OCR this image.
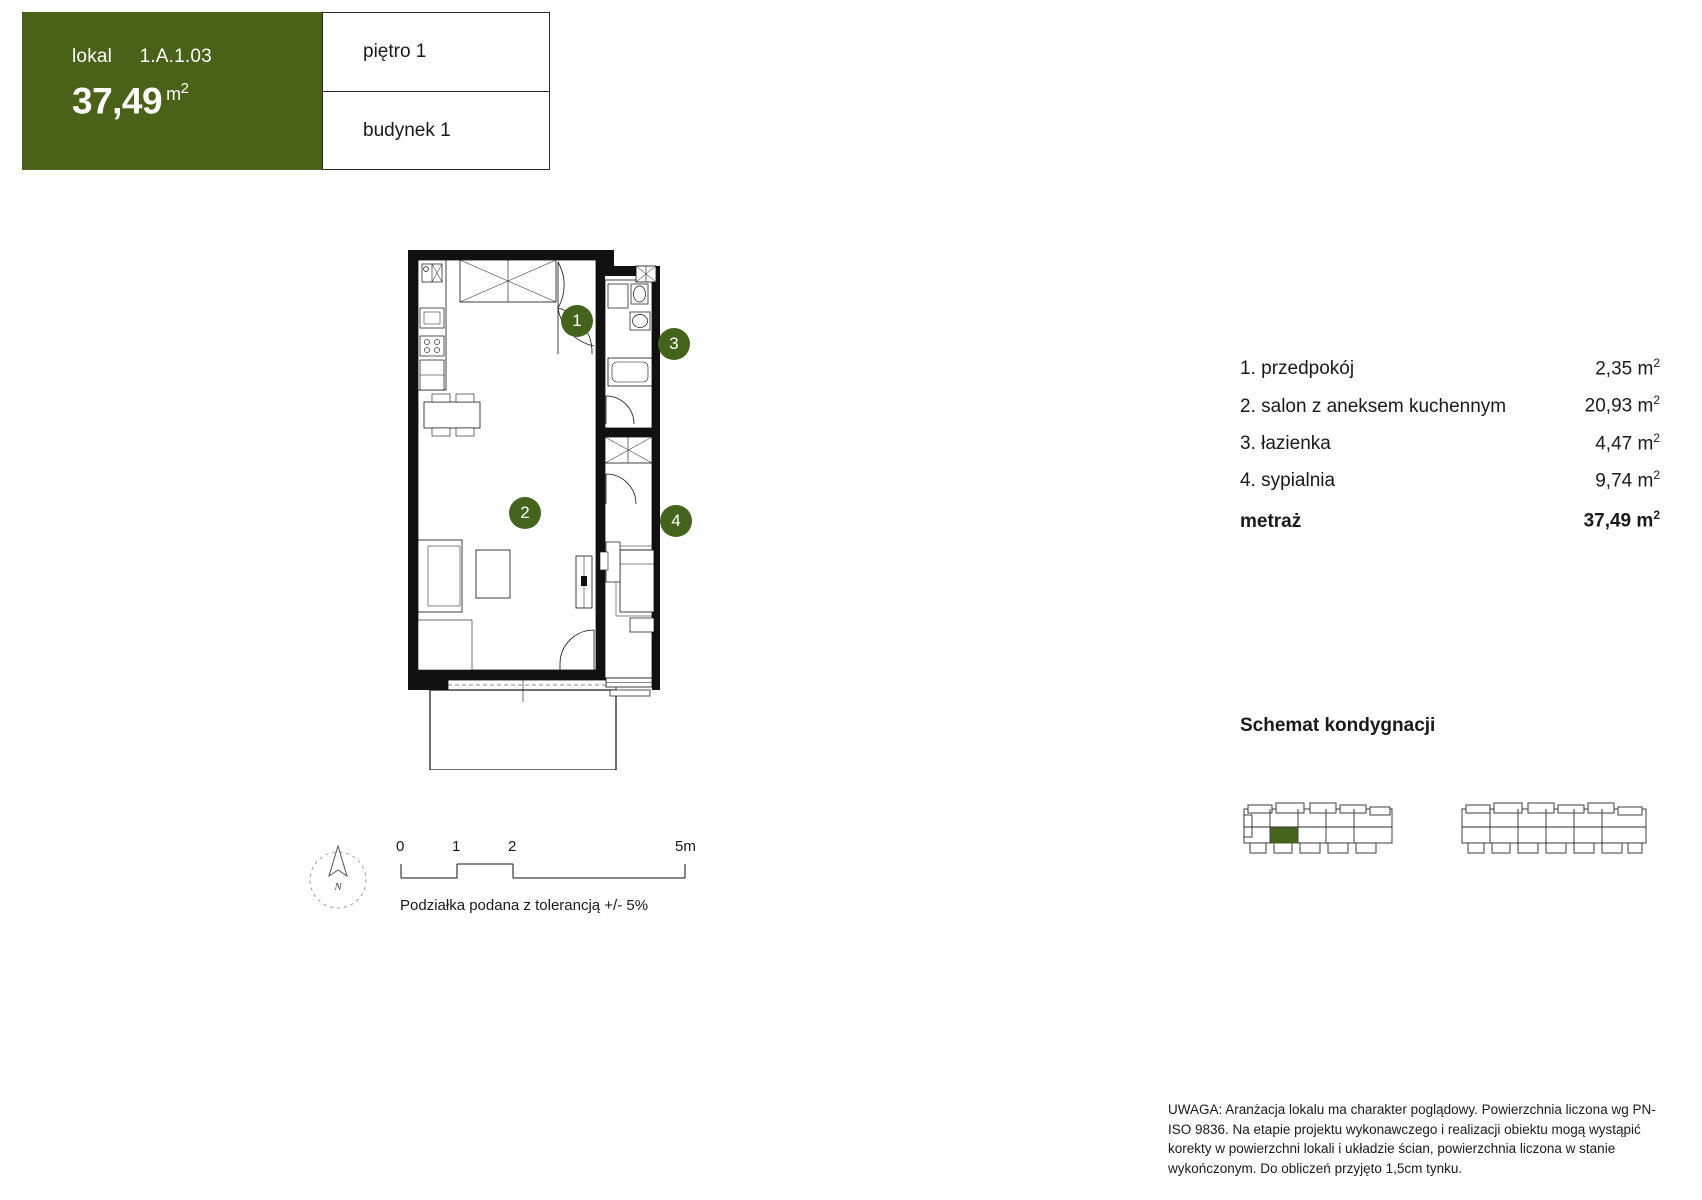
lokal 1.A.1.03
37,49 $^{m^2}$
piętro 1
budynek 1
1
2
3
4
N
0	1	2	5m
Podziałka podana z tolerancją +/- 5%
1. przedpokój	2,35 $m^2$
2. salon z aneksem kuchennym	20,93 $m^2$
3. łazienka	4,47 $m^2$
4. sypialnia	9,74 $m^2$
metraż	37,49 $m^2$
Schemat kondygnacji
UWAGA: Aranżacja lokalu ma charakter poglądowy. Powierzchnia liczona wg PN-ISO 9836. Na etapie projektu wykonawczego i realizacji obiektu mogą wystąpić korekty w powierzchni lokali i układzie ścian, powierzchnia liczona w stanie wykończonym. Do obliczeń przyjęto 1,5cm tynku.
